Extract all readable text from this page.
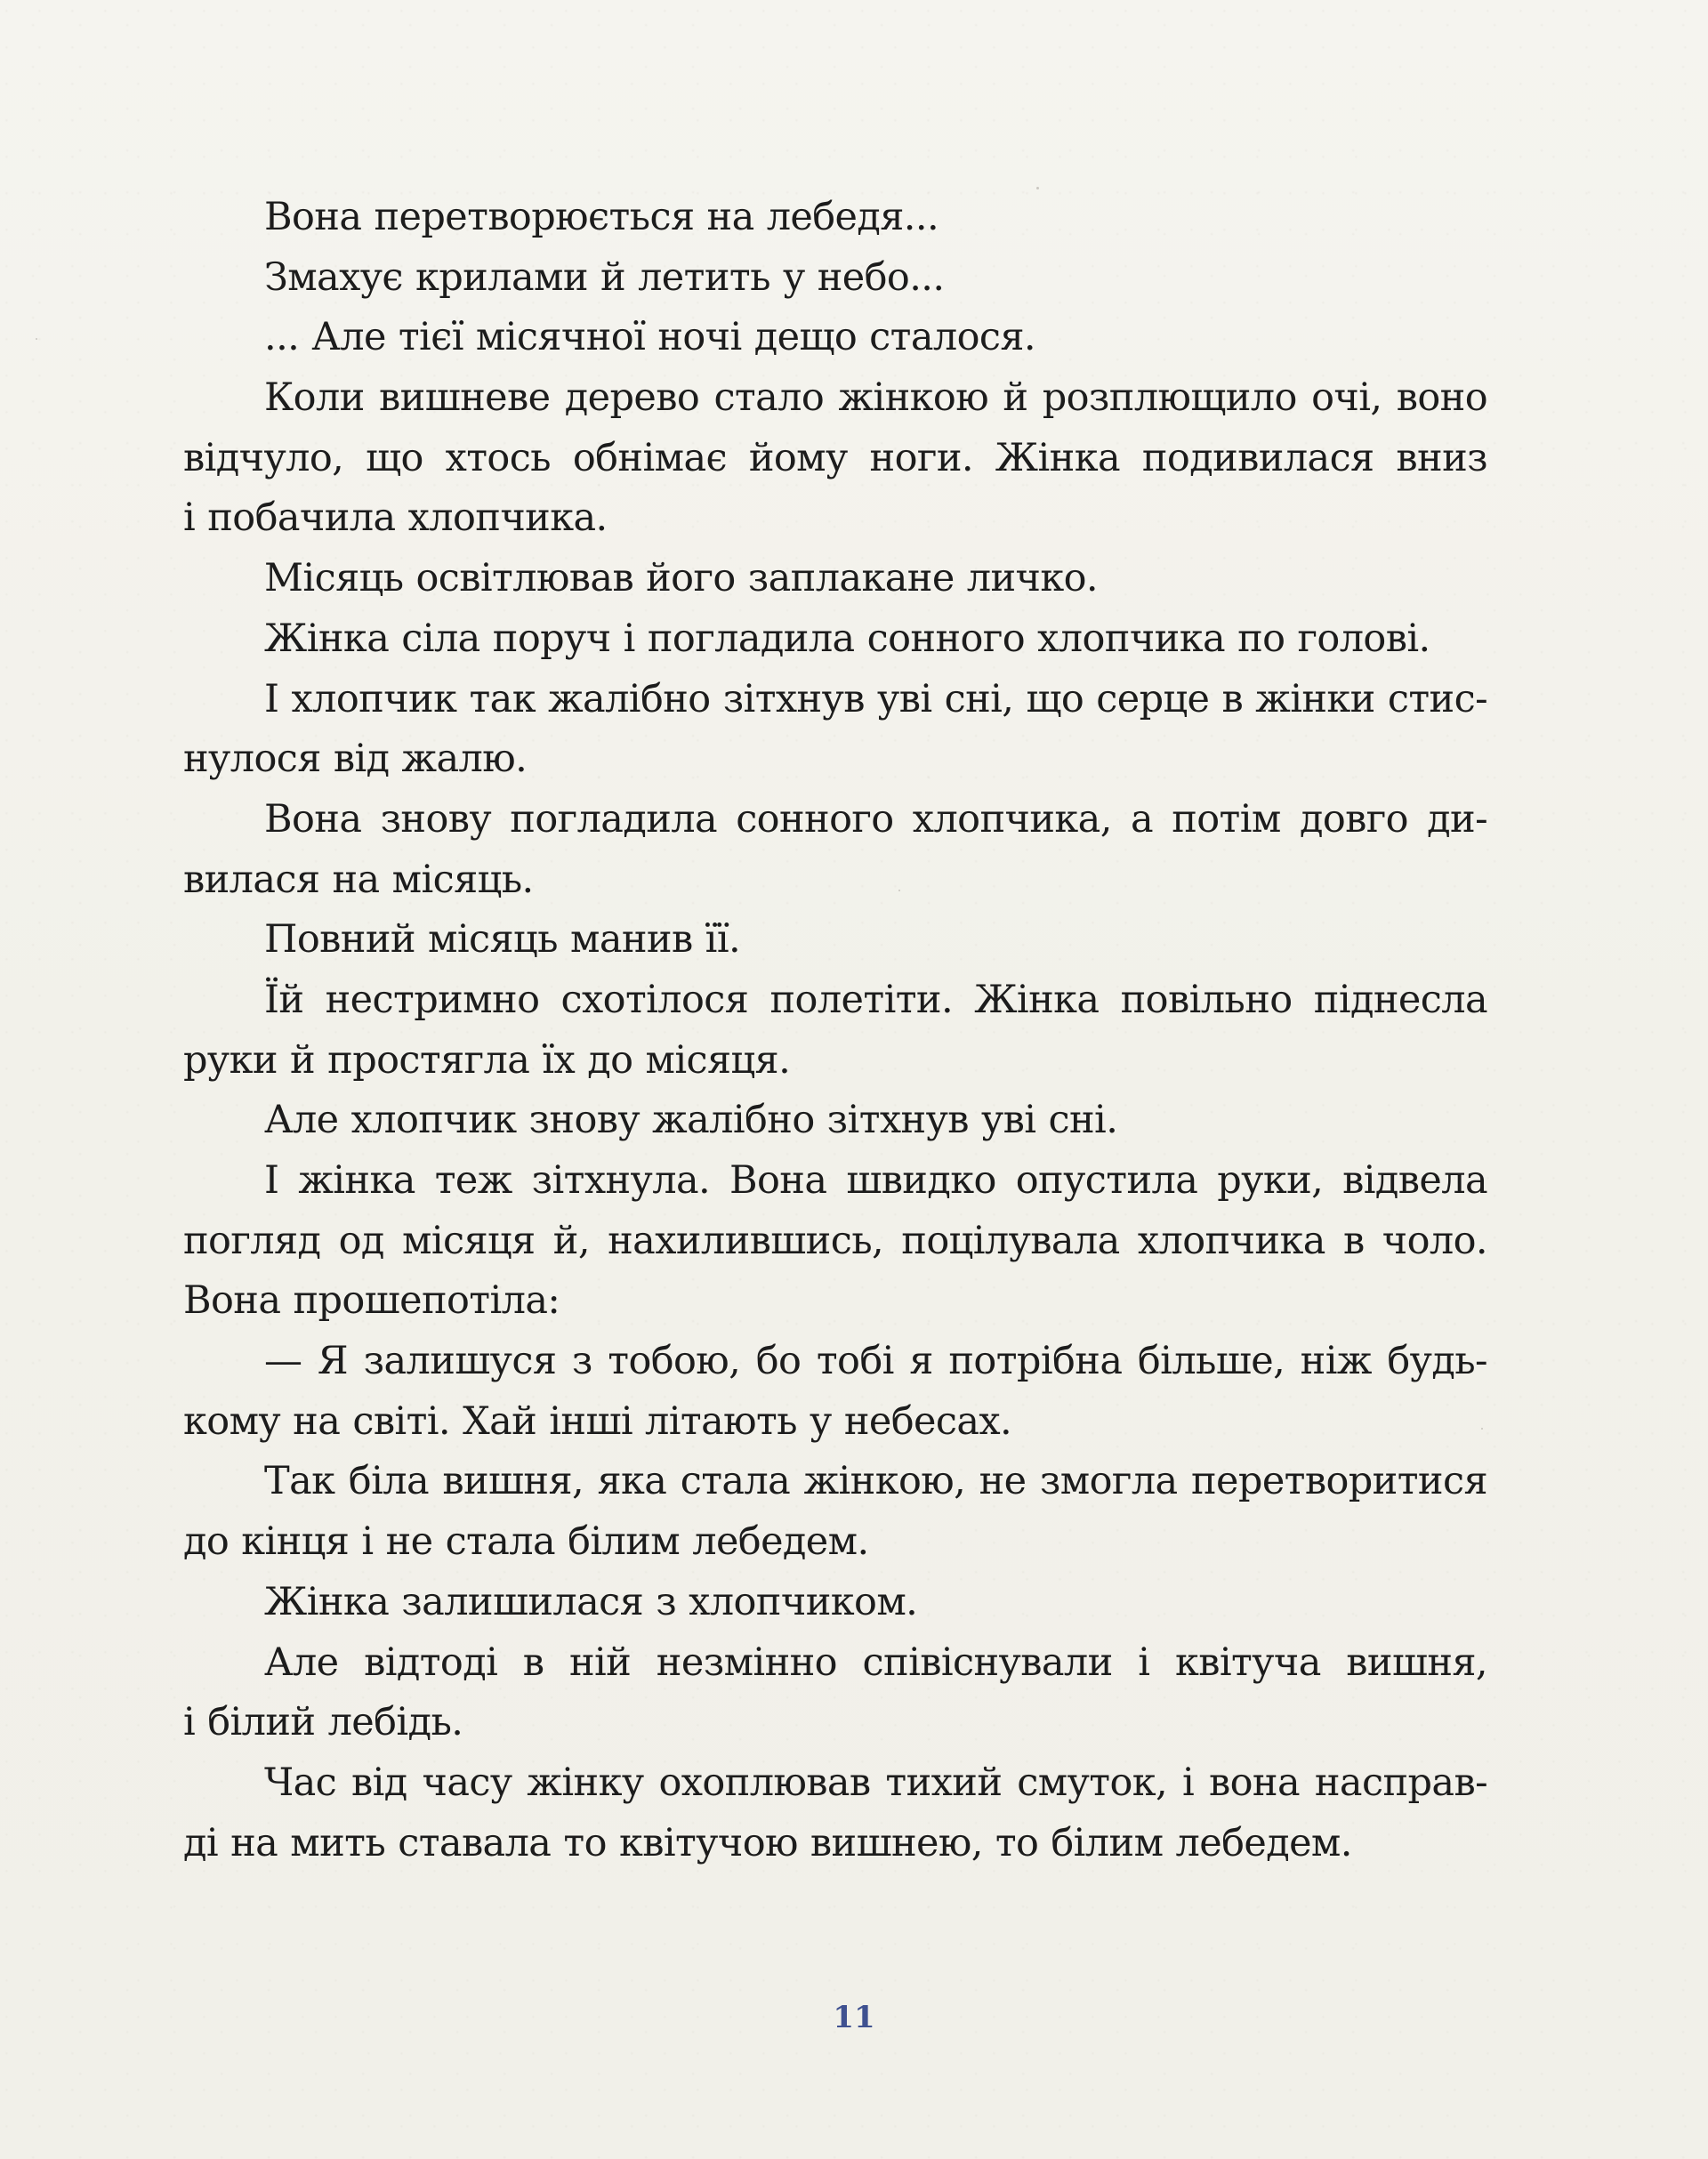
Вона перетворюється на лебедя...
Змахує крилами й летить у небо...
... Але тієї місячної ночі дещо сталося.
Коли вишневе дерево стало жінкою й розплющило очі, воно
відчуло, що хтось обнімає йому ноги. Жінка подивилася вниз
і побачила хлопчика.
Місяць освітлював його заплакане личко.
Жінка сіла поруч і погладила сонного хлопчика по голові.
І хлопчик так жалібно зітхнув уві сні, що серце в жінки стис-
нулося від жалю.
Вона знову погладила сонного хлопчика, а потім довго ди-
вилася на місяць.
Повний місяць манив її.
Їй нестримно схотілося полетіти. Жінка повільно піднесла
руки й простягла їх до місяця.
Але хлопчик знову жалібно зітхнув уві сні.
І жінка теж зітхнула. Вона швидко опустила руки, відвела
погляд од місяця й, нахилившись, поцілувала хлопчика в чоло.
Вона прошепотіла:
— Я залишуся з тобою, бо тобі я потрібна більше, ніж будь-
кому на світі. Хай інші літають у небесах.
Так біла вишня, яка стала жінкою, не змогла перетворитися
до кінця і не стала білим лебедем.
Жінка залишилася з хлопчиком.
Але відтоді в ній незмінно співіснували і квітуча вишня,
і білий лебідь.
Час від часу жінку охоплював тихий смуток, і вона насправ-
ді на мить ставала то квітучою вишнею, то білим лебедем.
11
